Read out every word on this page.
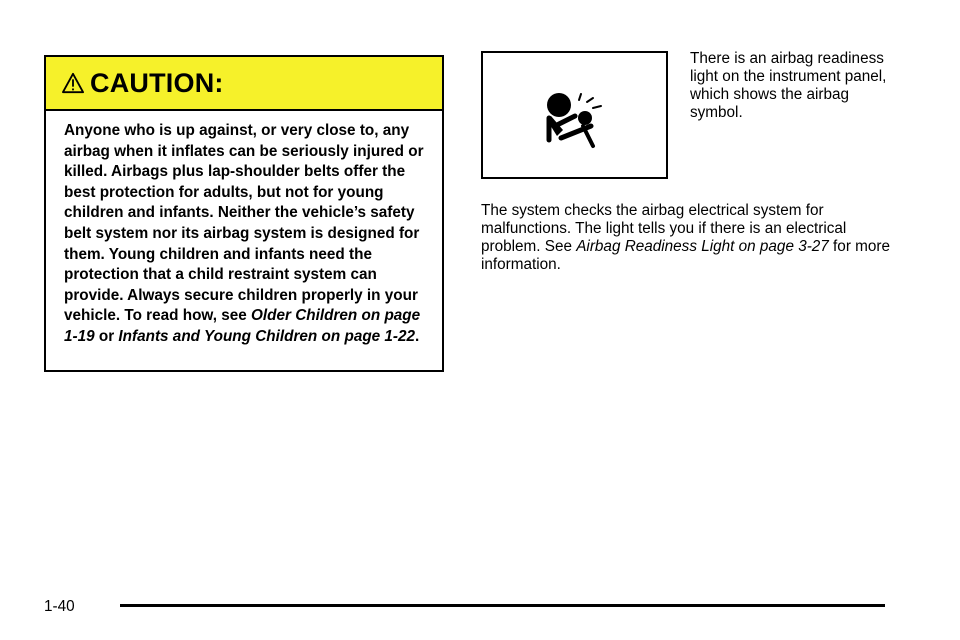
CAUTION:
Anyone who is up against, or very close to, any airbag when it inflates can be seriously injured or killed. Airbags plus lap-shoulder belts offer the best protection for adults, but not for young children and infants. Neither the vehicle’s safety belt system nor its airbag system is designed for them. Young children and infants need the protection that a child restraint system can provide. Always secure children properly in your vehicle. To read how, see Older Children on page 1-19 or Infants and Young Children on page 1-22.
There is an airbag readiness light on the instrument panel, which shows the airbag symbol.
The system checks the airbag electrical system for malfunctions. The light tells you if there is an electrical problem. See Airbag Readiness Light on page 3-27 for more information.
1-40
